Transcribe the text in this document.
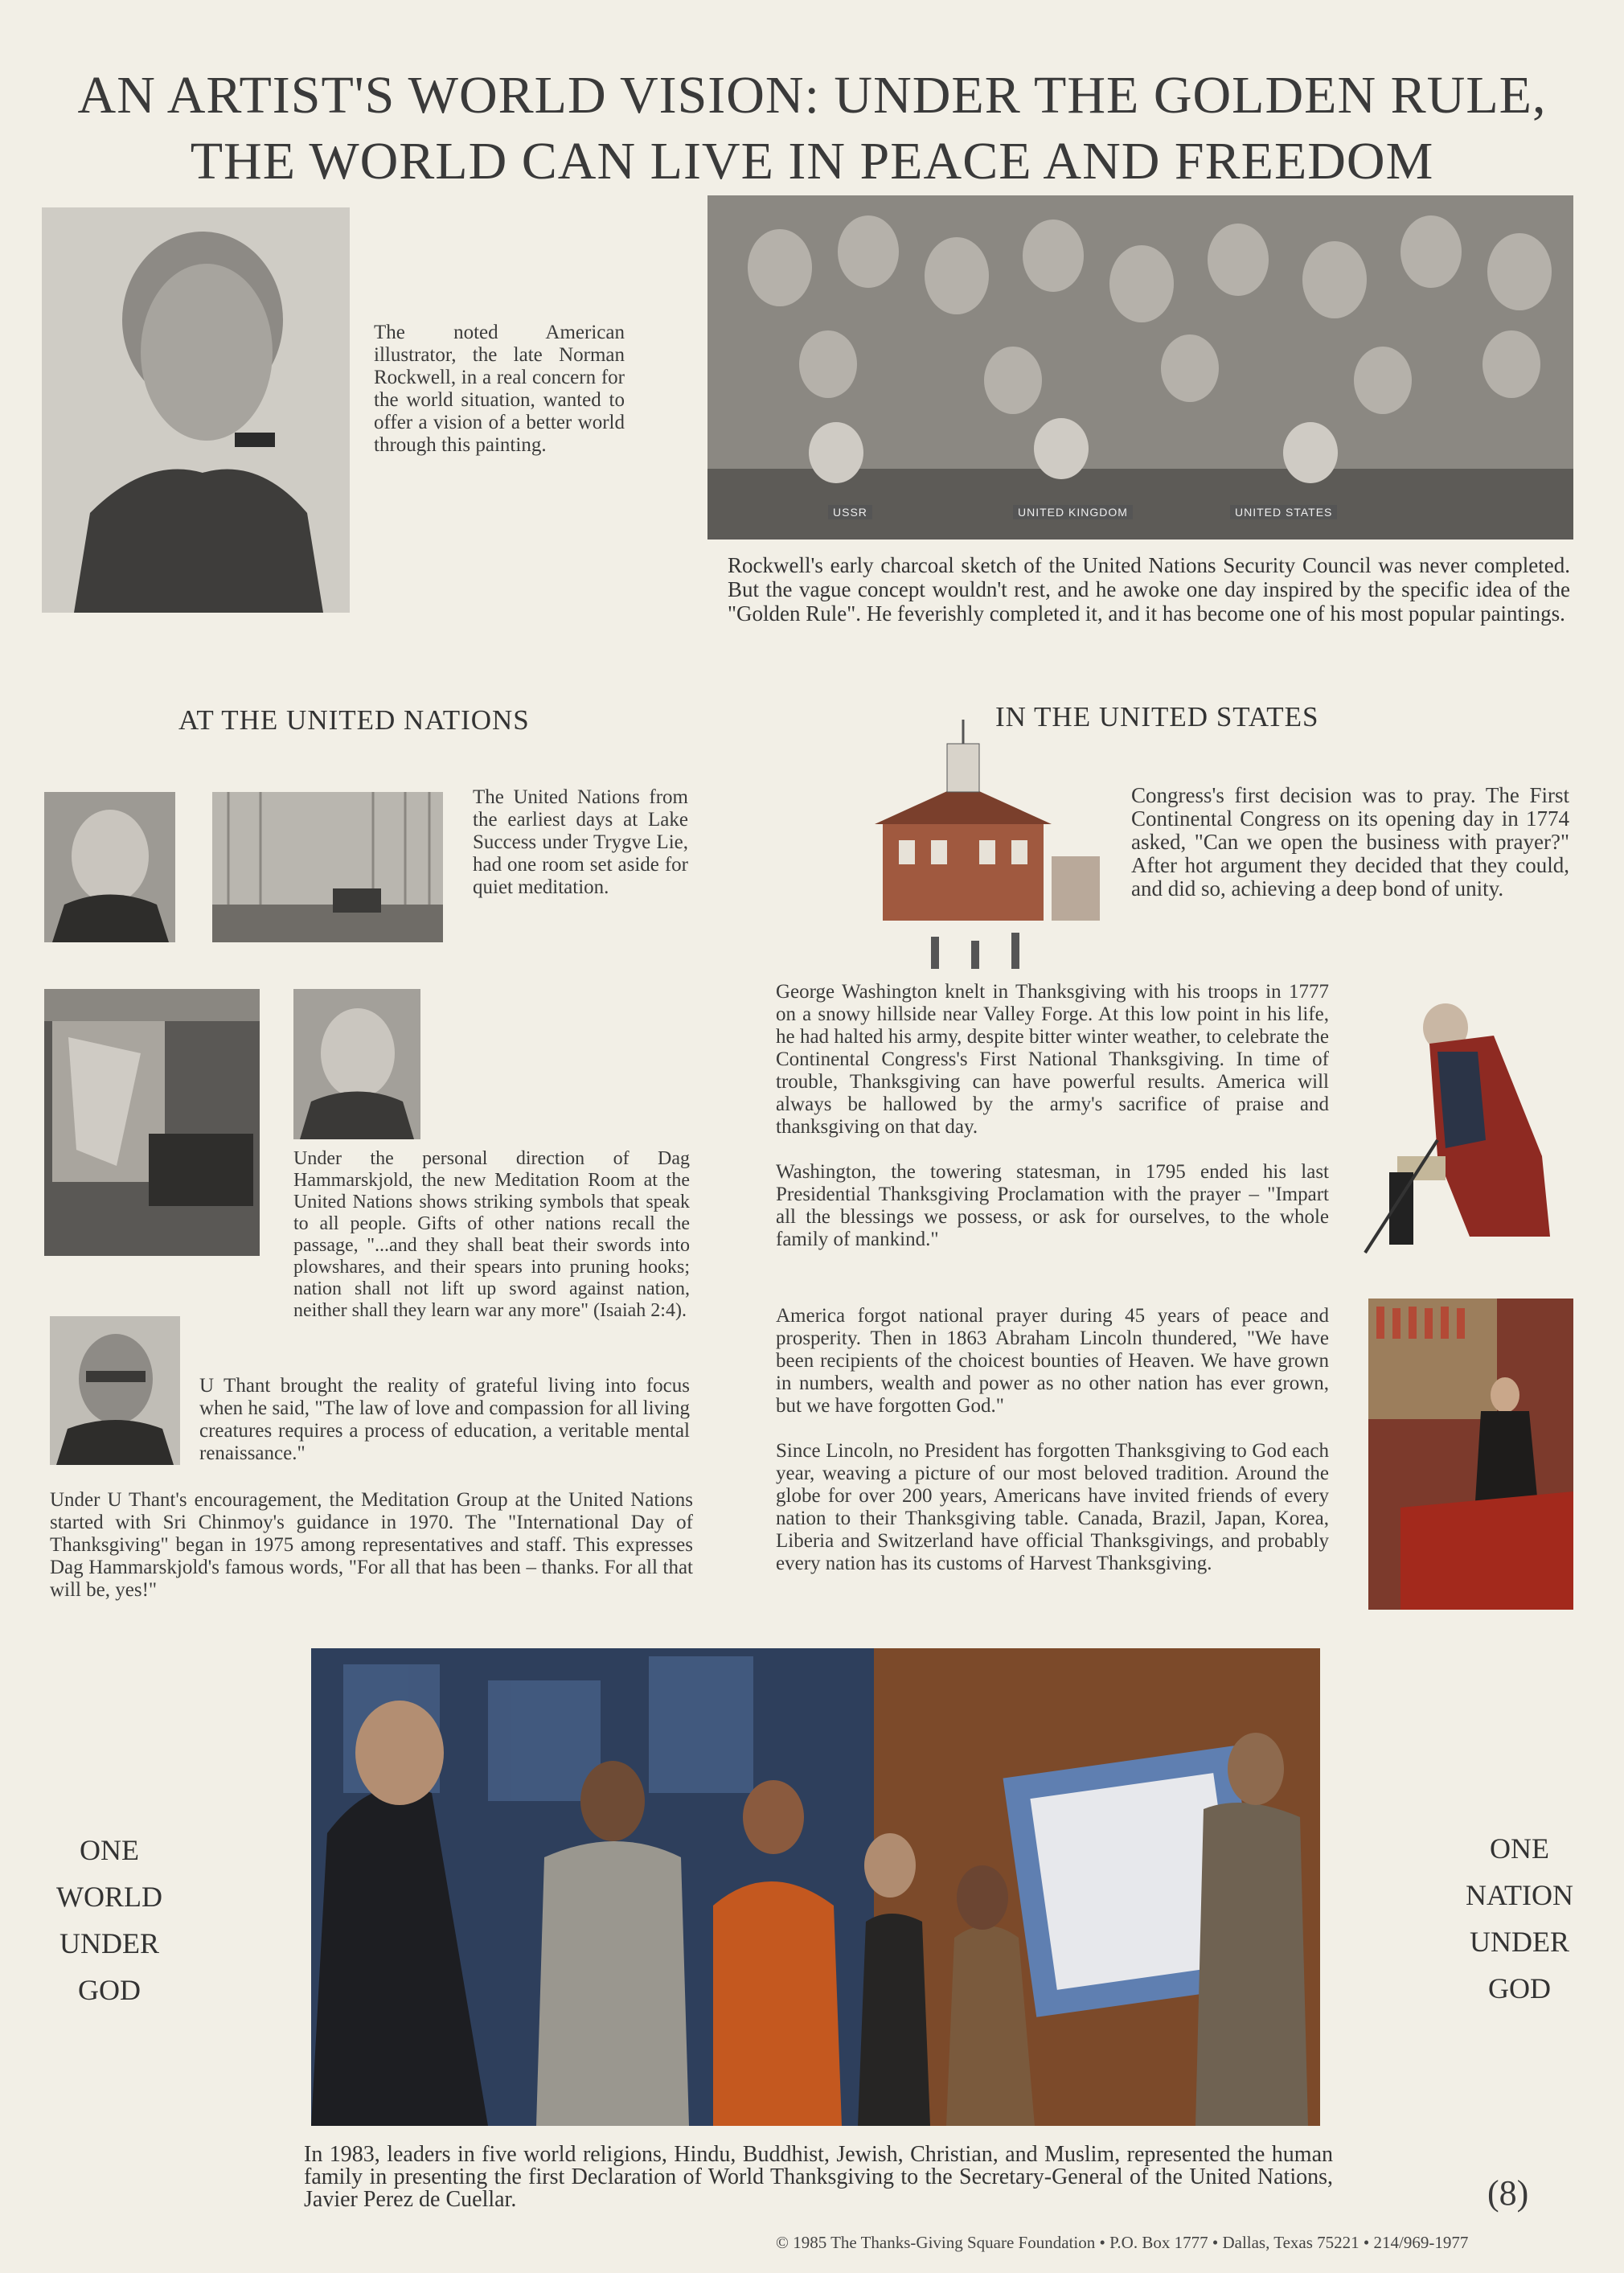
AN ARTIST'S WORLD VISION: UNDER THE GOLDEN RULE,
THE WORLD CAN LIVE IN PEACE AND FREEDOM
The noted American illustrator, the late Norman Rockwell, in a real concern for the world situation, wanted to offer a vision of a better world through this painting.
USSR	UNITED KINGDOM	UNITED STATES
Rockwell's early charcoal sketch of the United Nations Security Council was never completed. But the vague concept wouldn't rest, and he awoke one day inspired by the specific idea of the "Golden Rule". He feverishly completed it, and it has become one of his most popular paintings.
AT THE UNITED NATIONS	IN THE UNITED STATES
The United Nations from the earliest days at Lake Success under Trygve Lie, had one room set aside for quiet meditation.
Under the personal direction of Dag Hammarskjold, the new Meditation Room at the United Nations shows striking symbols that speak to all people. Gifts of other nations recall the passage, "...and they shall beat their swords into plowshares, and their spears into pruning hooks; nation shall not lift up sword against nation, neither shall they learn war any more" (Isaiah 2:4).
U Thant brought the reality of grateful living into focus when he said, "The law of love and compassion for all living creatures requires a process of education, a veritable mental renaissance."
Under U Thant's encouragement, the Meditation Group at the United Nations started with Sri Chinmoy's guidance in 1970. The "International Day of Thanksgiving" began in 1975 among representatives and staff. This expresses Dag Hammarskjold's famous words, "For all that has been – thanks. For all that will be, yes!"
Congress's first decision was to pray. The First Continental Congress on its opening day in 1774 asked, "Can we open the business with prayer?" After hot argument they decided that they could, and did so, achieving a deep bond of unity.
George Washington knelt in Thanksgiving with his troops in 1777 on a snowy hillside near Valley Forge. At this low point in his life, he had halted his army, despite bitter winter weather, to celebrate the Continental Congress's First National Thanksgiving. In time of trouble, Thanksgiving can have powerful results. America will always be hallowed by the army's sacrifice of praise and thanksgiving on that day.
Washington, the towering statesman, in 1795 ended his last Presidential Thanksgiving Proclamation with the prayer – "Impart all the blessings we possess, or ask for ourselves, to the whole family of mankind."
America forgot national prayer during 45 years of peace and prosperity. Then in 1863 Abraham Lincoln thundered, "We have been recipients of the choicest bounties of Heaven. We have grown in numbers, wealth and power as no other nation has ever grown, but we have forgotten God."
Since Lincoln, no President has forgotten Thanksgiving to God each year, weaving a picture of our most beloved tradition. Around the globe for over 200 years, Americans have invited friends of every nation to their Thanksgiving table. Canada, Brazil, Japan, Korea, Liberia and Switzerland have official Thanksgivings, and probably every nation has its customs of Harvest Thanksgiving.
ONE
WORLD
UNDER
GOD
ONE
NATION
UNDER
GOD
In 1983, leaders in five world religions, Hindu, Buddhist, Jewish, Christian, and Muslim, represented the human family in presenting the first Declaration of World Thanksgiving to the Secretary-General of the United Nations, Javier Perez de Cuellar.	(8)
© 1985 The Thanks-Giving Square Foundation • P.O. Box 1777 • Dallas, Texas 75221 • 214/969-1977
